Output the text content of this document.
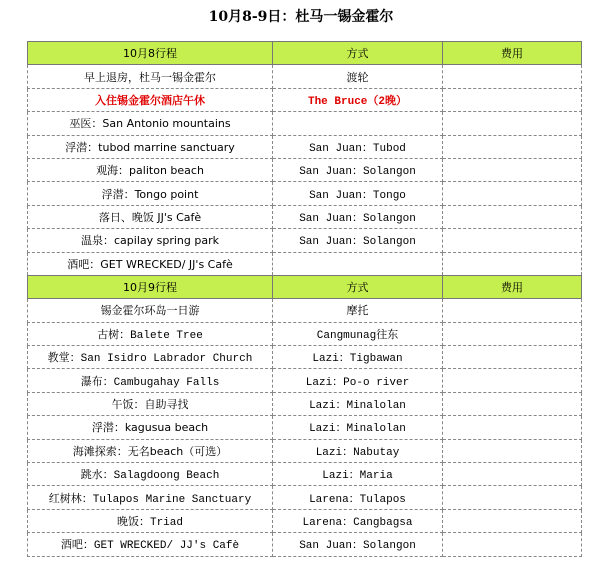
10月8-9日：杜马一锡金霍尔
10月8行程	方式	费用
早上退房，杜马一锡金霍尔	渡轮	
入住锡金霍尔酒店午休	The Bruce（2晚）	
巫医：San Antonio mountains		
浮潜：tubod marrine sanctuary	San Juan：Tubod	
观海：paliton beach	San Juan：Solangon	
浮潜：Tongo point	San Juan：Tongo	
落日、晚饭 JJ's Cafè	San Juan：Solangon	
温泉：capilay spring park	San Juan：Solangon	
酒吧：GET WRECKED/ JJ's Cafè		
10月9行程	方式	费用
锡金霍尔环岛一日游	摩托	
古树：Balete Tree	Cangmunag往东	
教堂：San Isidro Labrador Church	Lazi：Tigbawan	
瀑布：Cambugahay Falls	Lazi：Po-o river	
午饭：自助寻找	Lazi：Minalolan	
浮潜：kagusua beach	Lazi：Minalolan	
海滩探索：无名beach（可选）	Lazi：Nabutay	
跳水：Salagdoong Beach	Lazi：Maria	
红树林：Tulapos Marine Sanctuary	Larena：Tulapos	
晚饭：Triad	Larena：Cangbagsa	
酒吧：GET WRECKED/ JJ's Cafè	San Juan：Solangon	
